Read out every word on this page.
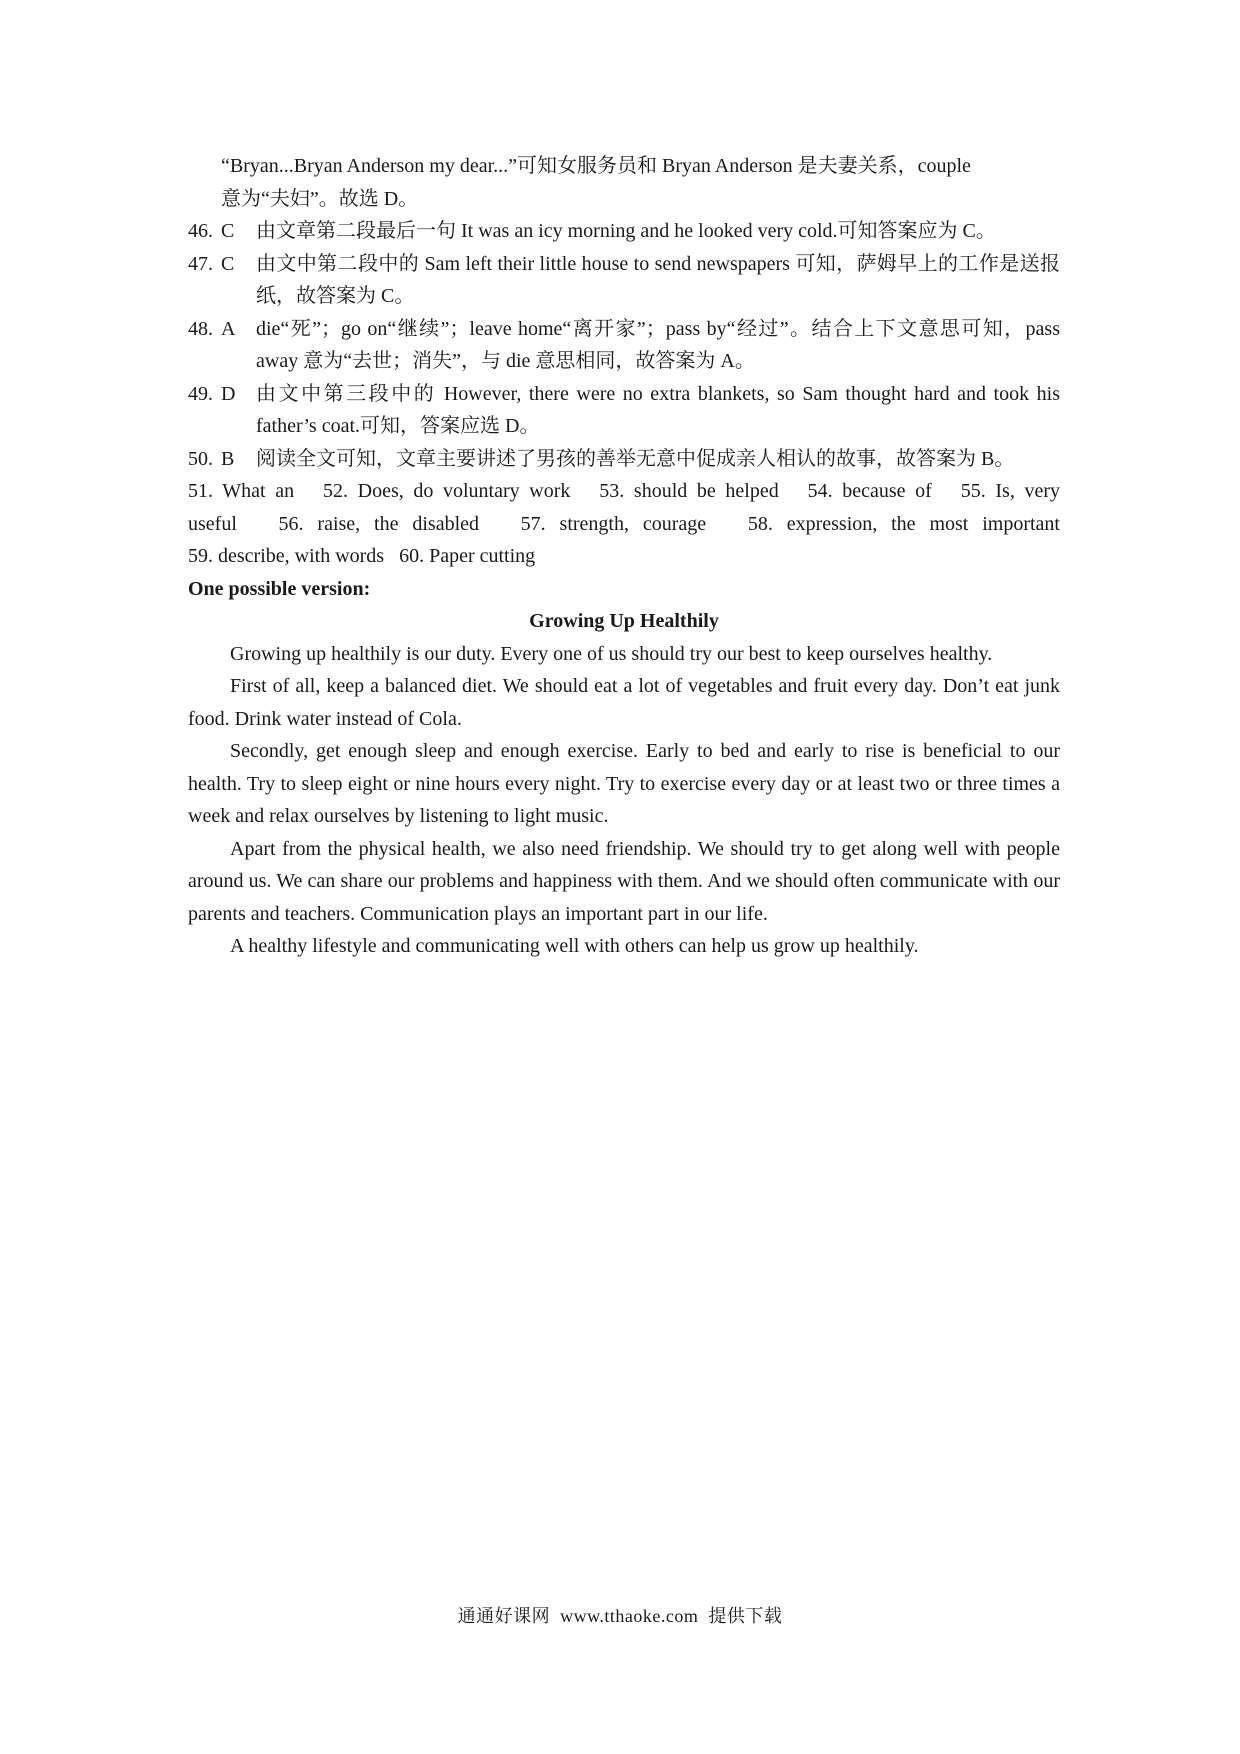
“Bryan...Bryan Anderson my dear...”可知女服务员和 Bryan Anderson 是夫妻关系，couple
意为“夫妇”。故选 D。
46. C	由文章第二段最后一句 It was an icy morning and he looked very cold.可知答案应为 C。
47. C	由文中第二段中的 Sam left their little house to send newspapers 可知，萨姆早上的工作是送报纸，故答案为 C。
48. A	die“死”；go on“继续”；leave home“离开家”；pass by“经过”。结合上下文意思可知，pass away 意为“去世；消失”，与 die 意思相同，故答案为 A。
49. D	由文中第三段中的 However, there were no extra blankets, so Sam thought hard and took his father’s coat.可知，答案应选 D。
50. B	阅读全文可知，文章主要讲述了男孩的善举无意中促成亲人相认的故事，故答案为 B。
51. What an   52. Does, do voluntary work   53. should be helped   54. because of   55. Is, very
useful   56. raise, the disabled   57. strength, courage   58. expression, the most important
59. describe, with words   60. Paper cutting
One possible version:
Growing Up Healthily
Growing up healthily is our duty. Every one of us should try our best to keep ourselves healthy.
First of all, keep a balanced diet. We should eat a lot of vegetables and fruit every day. Don’t eat junk food. Drink water instead of Cola.
Secondly, get enough sleep and enough exercise. Early to bed and early to rise is beneficial to our health. Try to sleep eight or nine hours every night. Try to exercise every day or at least two or three times a week and relax ourselves by listening to light music.
Apart from the physical health, we also need friendship. We should try to get along well with people around us. We can share our problems and happiness with them. And we should often communicate with our parents and teachers. Communication plays an important part in our life.
A healthy lifestyle and communicating well with others can help us grow up healthily.
通通好课网  www.tthaoke.com  提供下载
